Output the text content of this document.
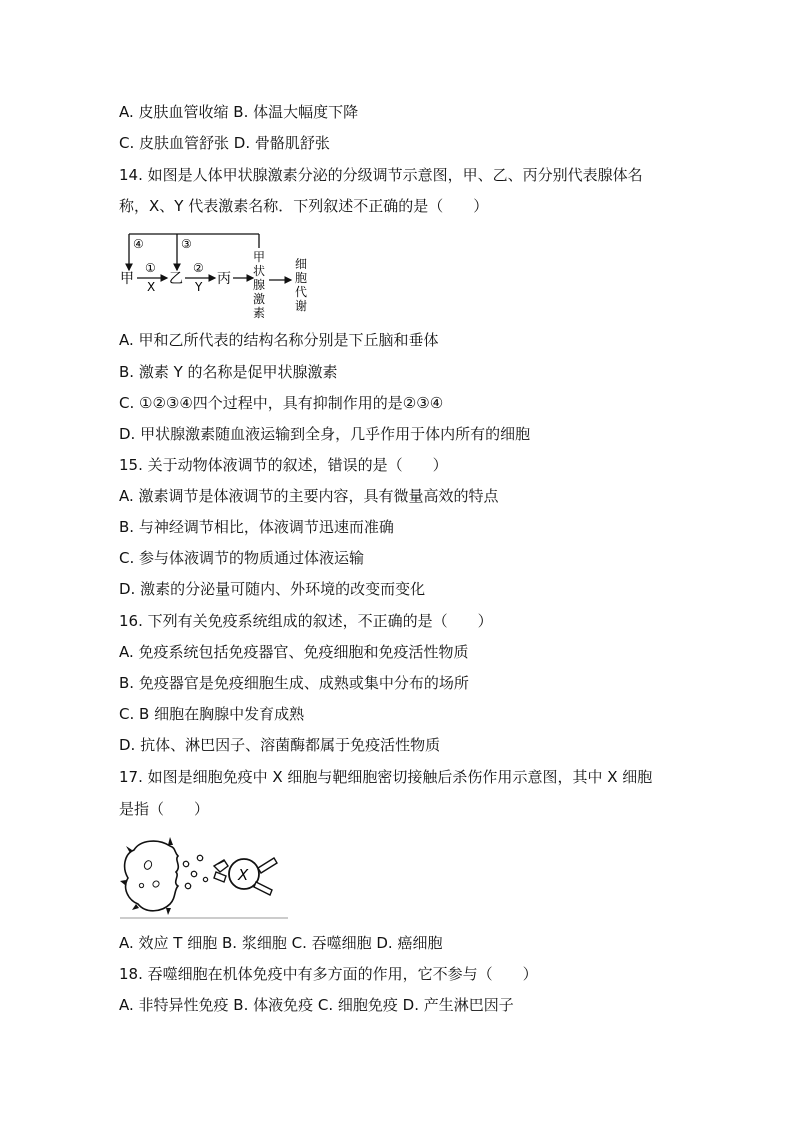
A. 皮肤血管收缩 B. 体温大幅度下降
C. 皮肤血管舒张 D. 骨骼肌舒张
14. 如图是人体甲状腺激素分泌的分级调节示意图，甲、乙、丙分别代表腺体名
称，X、Y 代表激素名称．下列叙述不正确的是（　　）
④	③
甲
①
X 乙
②
Y 丙
甲
状
腺
激
素
细
胞
代
谢
A. 甲和乙所代表的结构名称分别是下丘脑和垂体
B. 激素 Y 的名称是促甲状腺激素
C. ①②③④四个过程中，具有抑制作用的是②③④
D. 甲状腺激素随血液运输到全身，几乎作用于体内所有的细胞
15. 关于动物体液调节的叙述，错误的是（　　）
A. 激素调节是体液调节的主要内容，具有微量高效的特点
B. 与神经调节相比，体液调节迅速而准确
C. 参与体液调节的物质通过体液运输
D. 激素的分泌量可随内、外环境的改变而变化
16. 下列有关免疫系统组成的叙述，不正确的是（　　）
A. 免疫系统包括免疫器官、免疫细胞和免疫活性物质
B. 免疫器官是免疫细胞生成、成熟或集中分布的场所
C. B 细胞在胸腺中发育成熟
D. 抗体、淋巴因子、溶菌酶都属于免疫活性物质
17. 如图是细胞免疫中 X 细胞与靶细胞密切接触后杀伤作用示意图，其中 X 细胞
是指（　　）
X
A. 效应 T 细胞 B. 浆细胞 C. 吞噬细胞 D. 癌细胞
18. 吞噬细胞在机体免疫中有多方面的作用，它不参与（　　）
A. 非特异性免疫 B. 体液免疫 C. 细胞免疫 D. 产生淋巴因子
